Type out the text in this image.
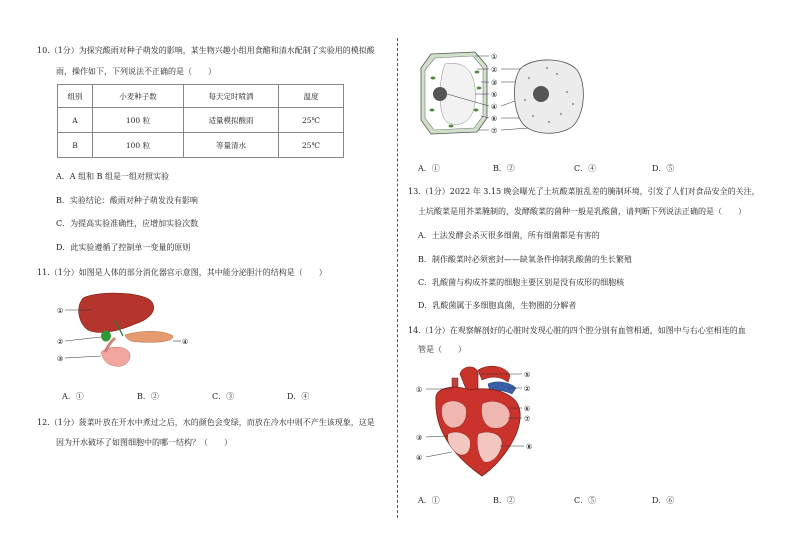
10.（1分）为探究酸雨对种子萌发的影响，某生物兴趣小组用食醋和清水配制了实验用的模拟酸
雨，操作如下，下列说法不正确的是（　　）
组别	小麦种子数	每天定时喷洒	温度
A	100 粒	适量模拟酸雨	25℃
B	100 粒	等量清水	25℃
A．A 组和 B 组是一组对照实验
B．实验结论：酸雨对种子萌发没有影响
C．为提高实验准确性，应增加实验次数
D．此实验遵循了控制单一变量的原则
11.（1分）如图是人体的部分消化器官示意图，其中能分泌胆汁的结构是（　　）
①
②
③
④
A．①	B．②	C．③	D．④
12.（1分）菠菜叶放在开水中煮过之后，水的颜色会变绿，而放在冷水中则不产生该现象，这是
因为开水破坏了如图细胞中的哪一结构？（　　）
①
②
③
⑤
④
⑥
⑦
A．①	B．②	C．④	D．⑤
13.（1分）2022 年 3.15 晚会曝光了土坑酸菜脏乱差的腌制环境，引发了人们对食品安全的关注，
土坑酸菜是用芥菜腌制的，发酵酸菜的菌种一般是乳酸菌，请判断下列说法正确的是（　　）
A．土法发酵会杀灭很多细菌，所有细菌都是有害的
B．制作酸菜时必须密封——缺氧条件抑制乳酸菌的生长繁殖
C．乳酸菌与构成芥菜的细胞主要区别是没有成形的细胞核
D．乳酸菌属于多细胞真菌，生物圈的分解者
14.（1分）在观察解剖好的心脏时发现心脏的四个腔分别有血管相通，如图中与右心室相连的血
管是（　　）
①
⑤
②
⑥
⑦
③
④
⑧
A．①	B．②	C．⑤	D．⑥
